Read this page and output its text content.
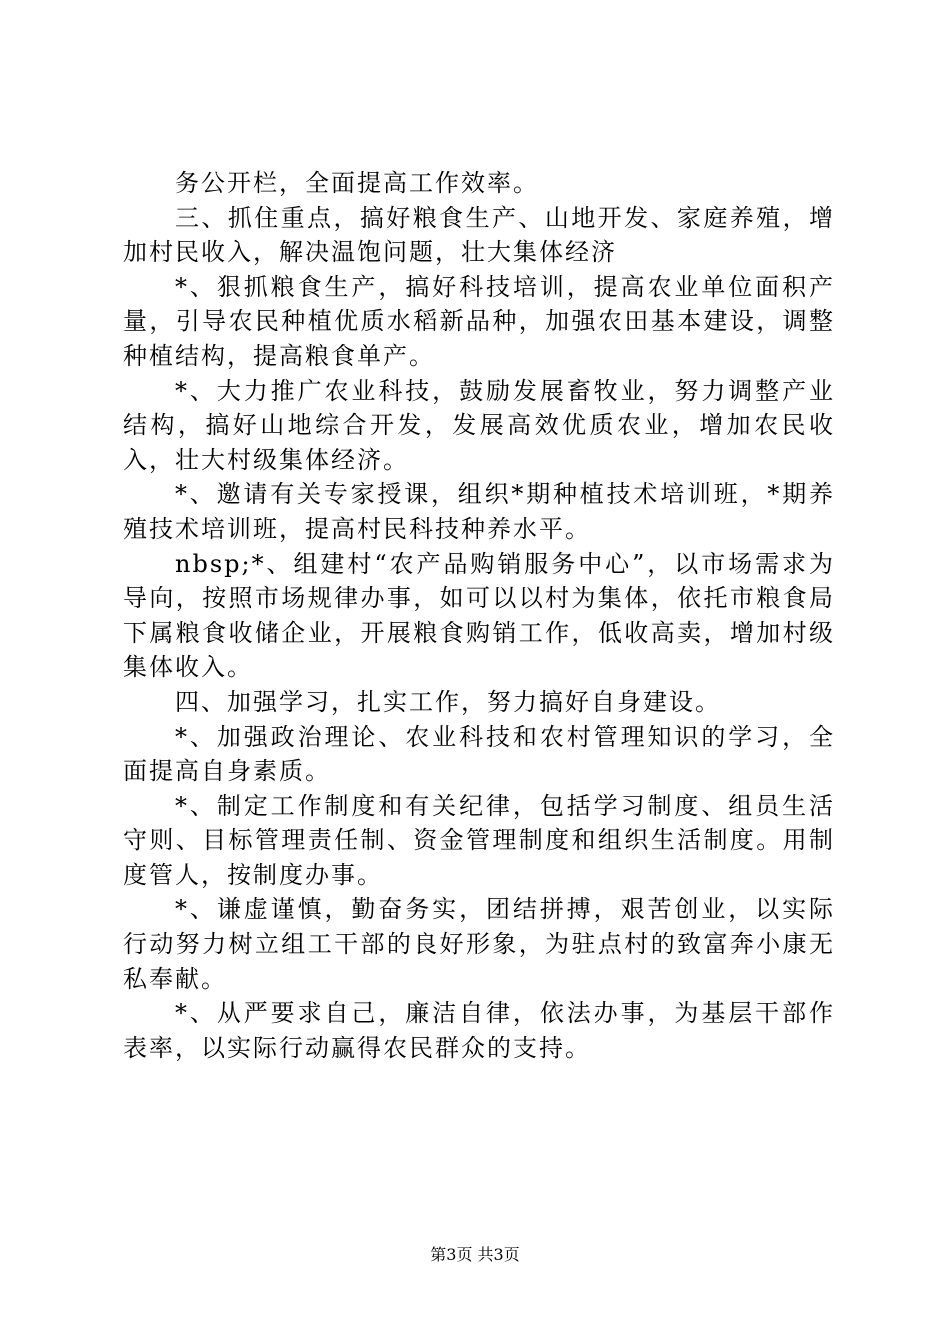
务公开栏，全面提高工作效率。

三、抓住重点，搞好粮食生产、山地开发、家庭养殖，增加村民收入，解决温饱问题，壮大集体经济

*、狠抓粮食生产，搞好科技培训，提高农业单位面积产量，引导农民种植优质水稻新品种，加强农田基本建设，调整种植结构，提高粮食单产。

*、大力推广农业科技，鼓励发展畜牧业，努力调整产业结构，搞好山地综合开发，发展高效优质农业，增加农民收入，壮大村级集体经济。

*、邀请有关专家授课，组织*期种植技术培训班，*期养殖技术培训班，提高村民科技种养水平。

nbsp;*、组建村“农产品购销服务中心”，以市场需求为导向，按照市场规律办事，如可以以村为集体，依托市粮食局下属粮食收储企业，开展粮食购销工作，低收高卖，增加村级集体收入。

四、加强学习，扎实工作，努力搞好自身建设。

*、加强政治理论、农业科技和农村管理知识的学习，全面提高自身素质。

*、制定工作制度和有关纪律，包括学习制度、组员生活守则、目标管理责任制、资金管理制度和组织生活制度。用制度管人，按制度办事。

*、谦虚谨慎，勤奋务实，团结拼搏，艰苦创业，以实际行动努力树立组工干部的良好形象，为驻点村的致富奔小康无私奉献。

*、从严要求自己，廉洁自律，依法办事，为基层干部作表率，以实际行动赢得农民群众的支持。

第3页 共3页
